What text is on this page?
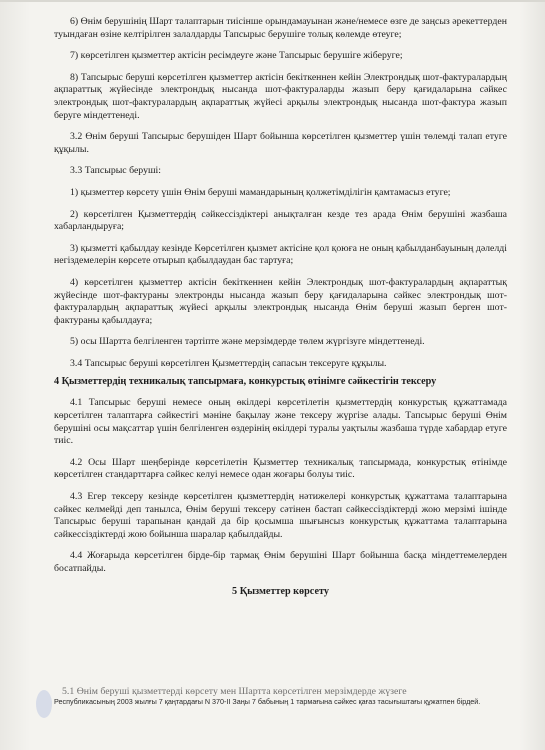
6) Өнім берушінің Шарт талаптарын тиісінше орындамауынан және/немесе өзге де заңсыз әрекеттерден туындаған өзіне келтірілген залалдарды Тапсырыс берушіге толық көлемде өтеуге;

7) көрсетілген қызметтер актісін ресімдеуге және Тапсырыс берушіге жіберуге;

8) Тапсырыс беруші көрсетілген қызметтер актісін бекіткеннен кейін Электрондық шот-фактуралардың ақпараттық жүйесінде электрондық нысанда шот-фактураларды жазып беру қағидаларына сәйкес электрондық шот-фактуралардың ақпараттық жүйесі арқылы электрондық нысанда шот-фактура жазып беруге міндеттенеді.

3.2 Өнім беруші Тапсырыс берушіден Шарт бойынша көрсетілген қызметтер үшін төлемді талап етуге құқылы.

3.3 Тапсырыс беруші:

1) қызметтер көрсету үшін Өнім беруші мамандарының қолжетімділігін қамтамасыз етуге;

2) көрсетілген Қызметтердің сәйкессіздіктері анықталған кезде тез арада Өнім берушіні жазбаша хабарландыруға;

3) қызметті қабылдау кезінде Көрсетілген қызмет актісіне қол қоюға не оның қабылданбауының дәлелді негіздемелерін көрсете отырып қабылдаудан бас тартуға;

4) көрсетілген қызметтер актісін бекіткеннен кейін Электрондық шот-фактуралардың ақпараттық жүйесінде шот-фактураны электронды нысанда жазып беру қағидаларына сәйкес электрондық шот-фактуралардың ақпараттық жүйесі арқылы электрондық нысанда Өнім беруші жазып берген шот-фактураны қабылдауға;

5) осы Шартта белгіленген тәртіпте және мерзімдерде төлем жүргізуге міндеттенеді.

3.4 Тапсырыс беруші көрсетілген Қызметтердің сапасын тексеруге құқылы.

4 Қызметтердің техникалық тапсырмаға, конкурстық өтінімге сәйкестігін тексеру

4.1 Тапсырыс беруші немесе оның өкілдері көрсетілетін қызметтердің конкурстық құжаттамада көрсетілген талаптарға сәйкестігі мәніне бақылау және тексеру жүргізе алады. Тапсырыс беруші Өнім берушіні осы мақсаттар үшін белгіленген өздерінің өкілдері туралы уақтылы жазбаша түрде хабардар етуге тиіс.

4.2 Осы Шарт шеңберінде көрсетілетін Қызметтер техникалық тапсырмада, конкурстық өтінімде көрсетілген стандарттарға сәйкес келуі немесе одан жоғары болуы тиіс.

4.3 Егер тексеру кезінде көрсетілген қызметтердің нәтижелері конкурстық құжаттама талаптарына сәйкес келмейді деп танылса, Өнім беруші тексеру сәтінен бастап сәйкессіздіктерді жою мерзімі ішінде Тапсырыс беруші тарапынан қандай да бір қосымша шығынсыз конкурстық құжаттама талаптарына сәйкессіздіктерді жою бойынша шаралар қабылдайды.

4.4 Жоғарыда көрсетілген бірде-бір тармақ Өнім берушіні Шарт бойынша басқа міндеттемелерден босатпайды.

5 Қызметтер көрсету

5.1 Өнім беруші қызметтерді көрсету мен Шартта көрсетілген мерзімдерде жүзеге
Республикасының 2003 жылғы 7 қаңтардағы N 370-II Заңы 7 бабының 1 тармағына сәйкес қағаз тасығыштағы құжатпен бірдей.
